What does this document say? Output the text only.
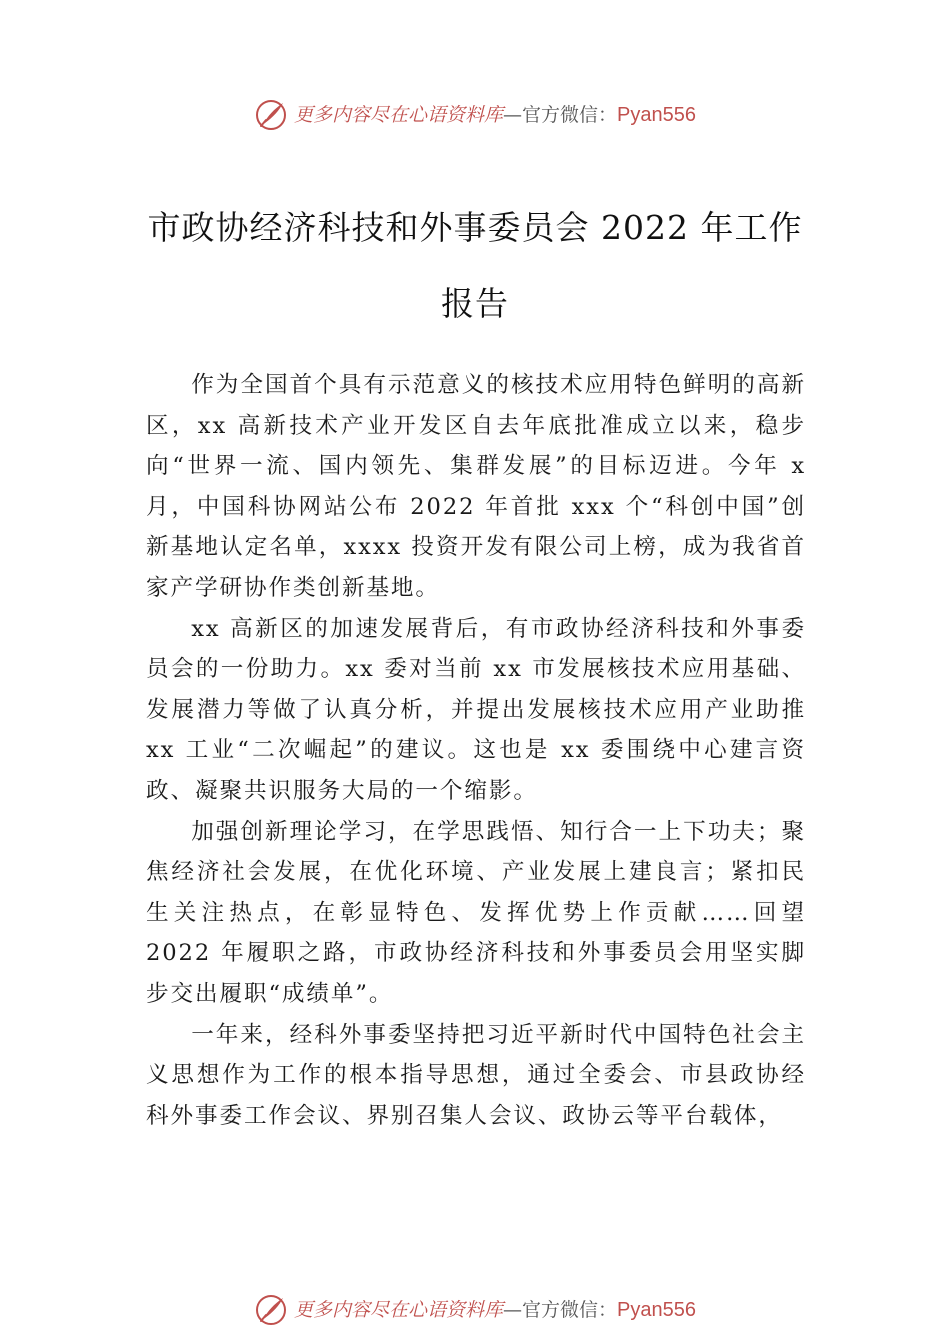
更多内容尽在心语资料库 — 官方微信： Pyan556
市政协经济科技和外事委员会 2022 年工作
报告

作为全国首个具有示范意义的核技术应用特色鲜明的高新区，xx 高新技术产业开发区自去年底批准成立以来，稳步向“世界一流、国内领先、集群发展”的目标迈进。今年 x 月，中国科协网站公布 2022 年首批 xxx 个“科创中国”创新基地认定名单，xxxx 投资开发有限公司上榜，成为我省首家产学研协作类创新基地。

xx 高新区的加速发展背后，有市政协经济科技和外事委员会的一份助力。xx 委对当前 xx 市发展核技术应用基础、发展潜力等做了认真分析，并提出发展核技术应用产业助推 xx 工业“二次崛起”的建议。这也是 xx 委围绕中心建言资政、凝聚共识服务大局的一个缩影。

加强创新理论学习，在学思践悟、知行合一上下功夫；聚焦经济社会发展，在优化环境、产业发展上建良言；紧扣民生关注热点，在彰显特色、发挥优势上作贡献……回望 2022 年履职之路，市政协经济科技和外事委员会用坚实脚步交出履职“成绩单”。

一年来，经科外事委坚持把习近平新时代中国特色社会主义思想作为工作的根本指导思想，通过全委会、市县政协经科外事委工作会议、界别召集人会议、政协云等平台载体，

更多内容尽在心语资料库 — 官方微信： Pyan556
